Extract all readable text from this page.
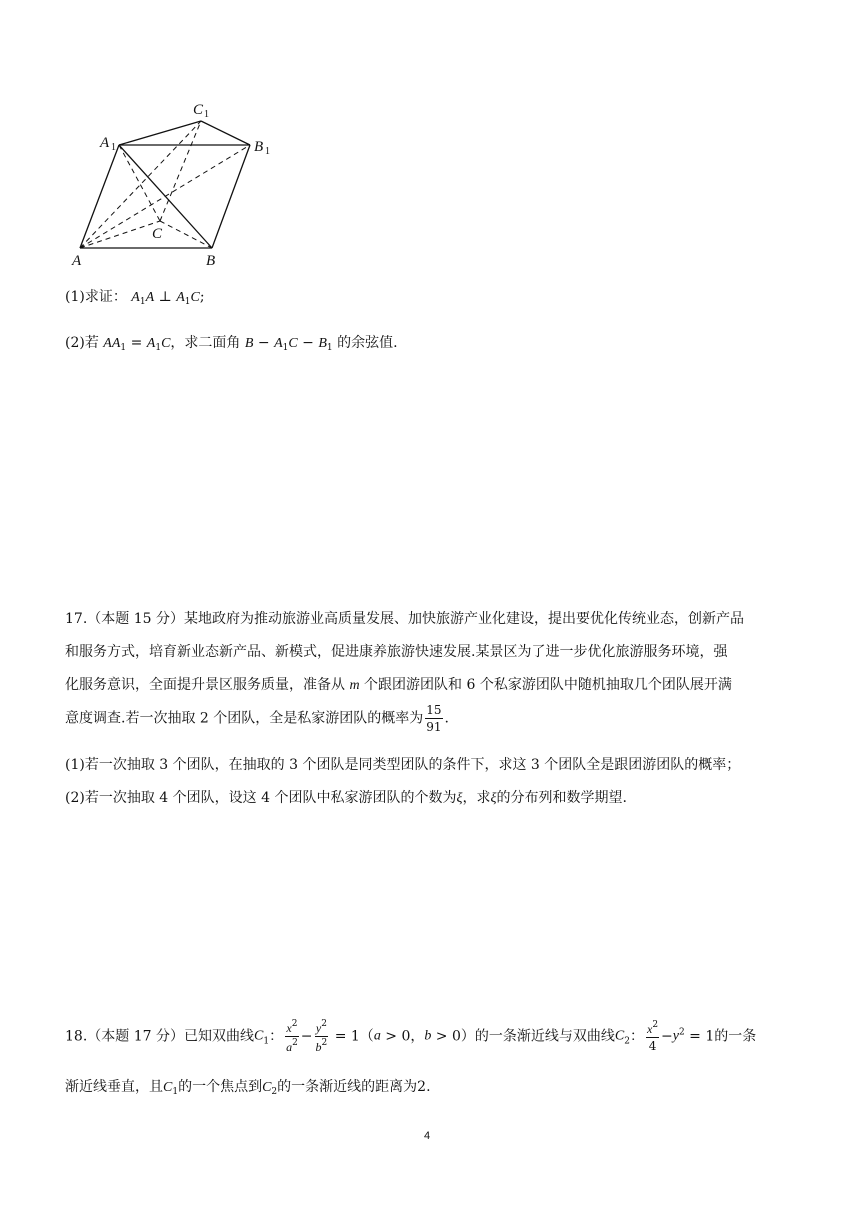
A	B
C
A 1	B 1
C 1
(1)求证： $A_1A$ ⊥ $A_1C$;
(2)若 $AA_1 = A_1C$，求二面角 $B - A_1C - B_1$ 的余弦值.
17.（本题 15 分）某地政府为推动旅游业高质量发展、加快旅游产业化建设，提出要优化传统业态，创新产品
和服务方式，培育新业态新产品、新模式，促进康养旅游快速发展.某景区为了进一步优化旅游服务环境，强
化服务意识，全面提升景区服务质量，准备从 m 个跟团游团队和 6 个私家游团队中随机抽取几个团队展开满
意度调查.若一次抽取 2 个团队，全是私家游团队的概率为 $\frac{15}{91}$ .
(1)若一次抽取 3 个团队，在抽取的 3 个团队是同类型团队的条件下，求这 3 个团队全是跟团游团队的概率；
(2)若一次抽取 4 个团队，设这 4 个团队中私家游团队的个数为ξ，求ξ的分布列和数学期望.
18.（本题 17 分）已知双曲线$C_1$： $\frac{x^2}{a^2} - \frac{y^2}{b^2} = 1(a > 0$，b > 0）的一条渐近线与双曲线$C_2$： $\frac{x^2}{4} -y^2 = 1$的一条
渐近线垂直，且$C_1$的一个焦点到$C_2$的一条渐近线的距离为2.
4
